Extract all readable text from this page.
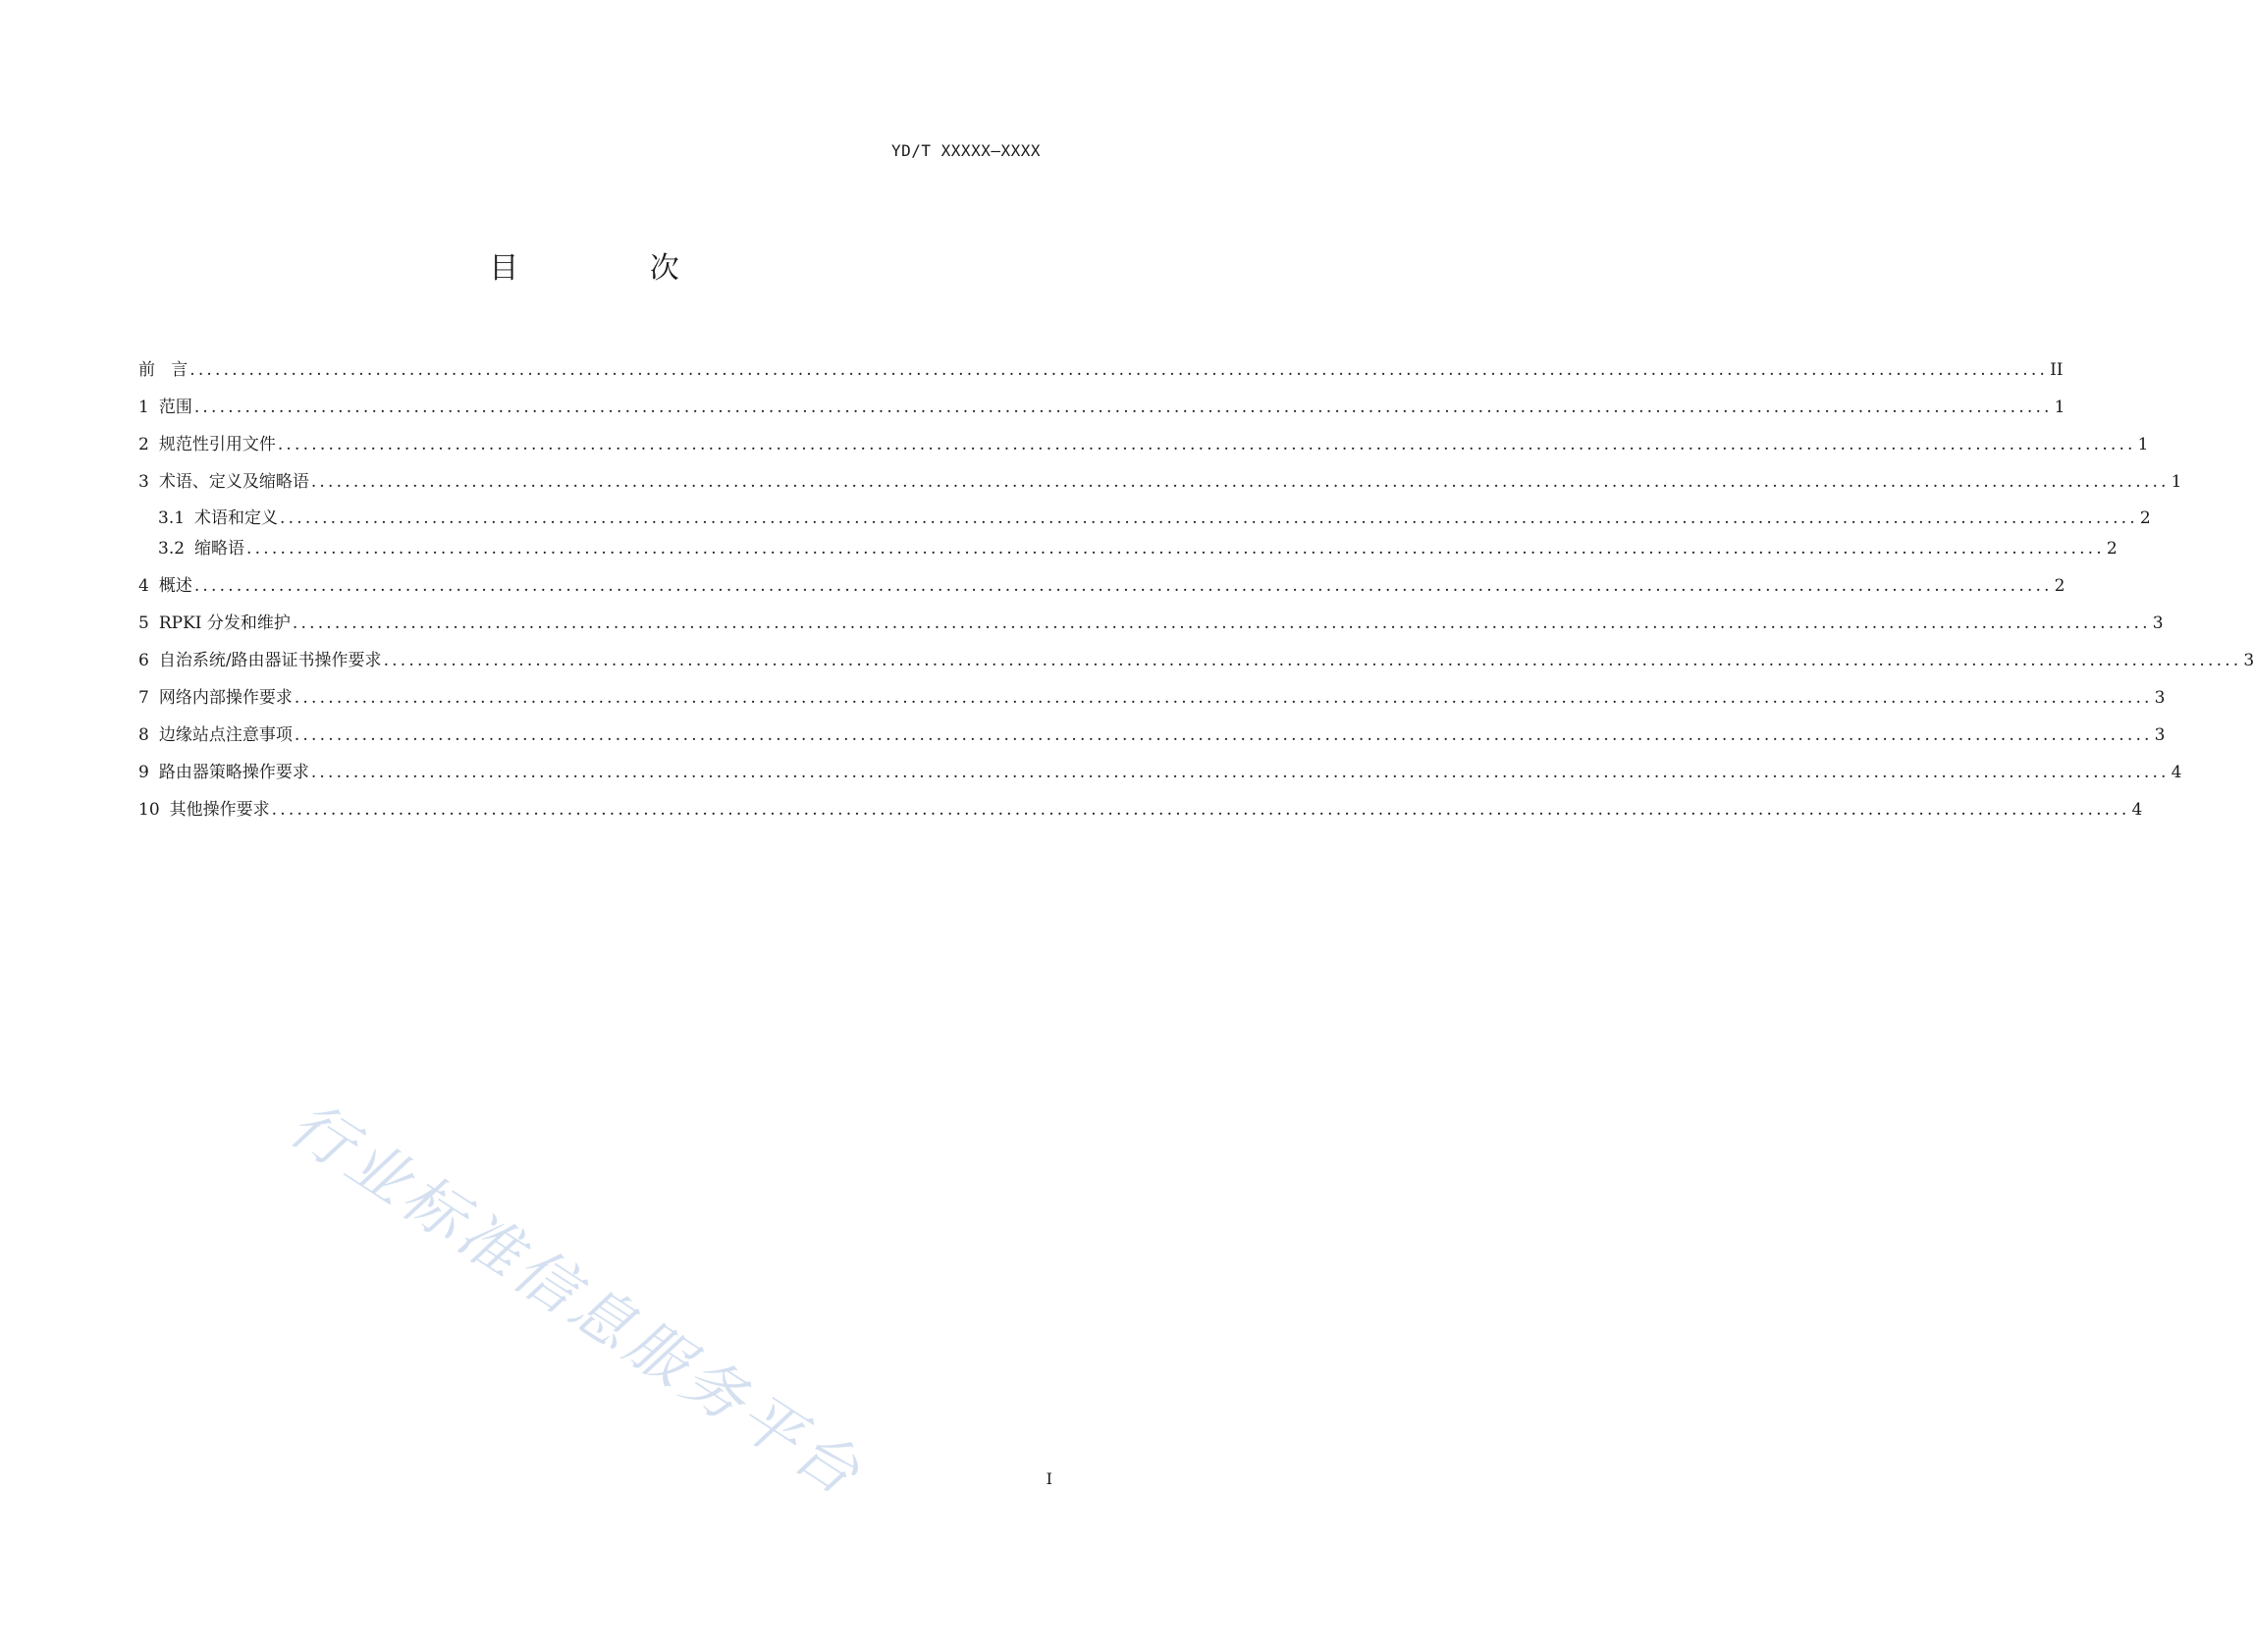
YD/T XXXXX—XXXX
目 次
前   言 ............................................................................................................................................................................................................................ II
1 范围 ............................................................................................................................................................................................................................ 1
2 规范性引用文件 ............................................................................................................................................................................................................................ 1
3 术语、定义及缩略语 ............................................................................................................................................................................................................................ 1
3.1 术语和定义 ............................................................................................................................................................................................................................ 2
3.2 缩略语 ............................................................................................................................................................................................................................ 2
4 概述 ............................................................................................................................................................................................................................ 2
5 RPKI 分发和维护 ............................................................................................................................................................................................................................ 3
6 自治系统/路由器证书操作要求 ............................................................................................................................................................................................................................ 3
7 网络内部操作要求 ............................................................................................................................................................................................................................ 3
8 边缘站点注意事项 ............................................................................................................................................................................................................................ 3
9 路由器策略操作要求 ............................................................................................................................................................................................................................ 4
10 其他操作要求 ............................................................................................................................................................................................................................ 4
行业标准信息服务平台	I
